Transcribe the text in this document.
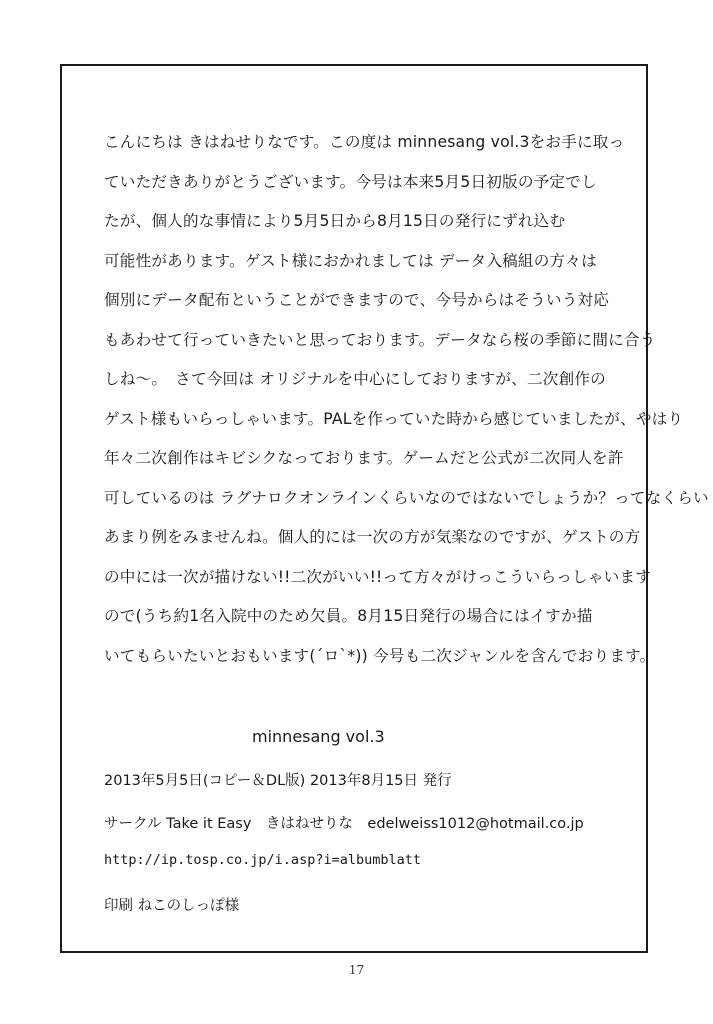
こんにちは きはねせりなです。この度は minnesang vol.3をお手に取っ
ていただきありがとうございます。今号は本来5月5日初版の予定でし
たが、個人的な事情により5月5日から8月15日の発行にずれ込む
可能性があります。ゲスト様におかれましては データ入稿組の方々は
個別にデータ配布ということができますので、今号からはそういう対応
もあわせて行っていきたいと思っております。データなら桜の季節に間に合う
しね～。　さて今回は オリジナルを中心にしておりますが、二次創作の
ゲスト様もいらっしゃいます。PALを作っていた時から感じていましたが、やはり
年々二次創作はキビシクなっております。ゲームだと公式が二次同人を許
可しているのは ラグナロクオンラインくらいなのではないでしょうか？ってなくらい
あまり例をみませんね。個人的には一次の方が気楽なのですが、ゲストの方
の中には一次が描けない!!二次がいい!!って方々がけっこういらっしゃいます
ので(うち約1名入院中のため欠員。8月15日発行の場合にはイすか描
いてもらいたいとおもいます(´ロ`*)) 今号も二次ジャンルを含んでおります。
minnesang vol.3
2013年5月5日(コピー＆DL版) 2013年8月15日 発行
サークル Take it Easy　きはねせりな　edelweiss1012@hotmail.co.jp
http://ip.tosp.co.jp/i.asp?i=albumblatt
印刷 ねこのしっぽ様
17
